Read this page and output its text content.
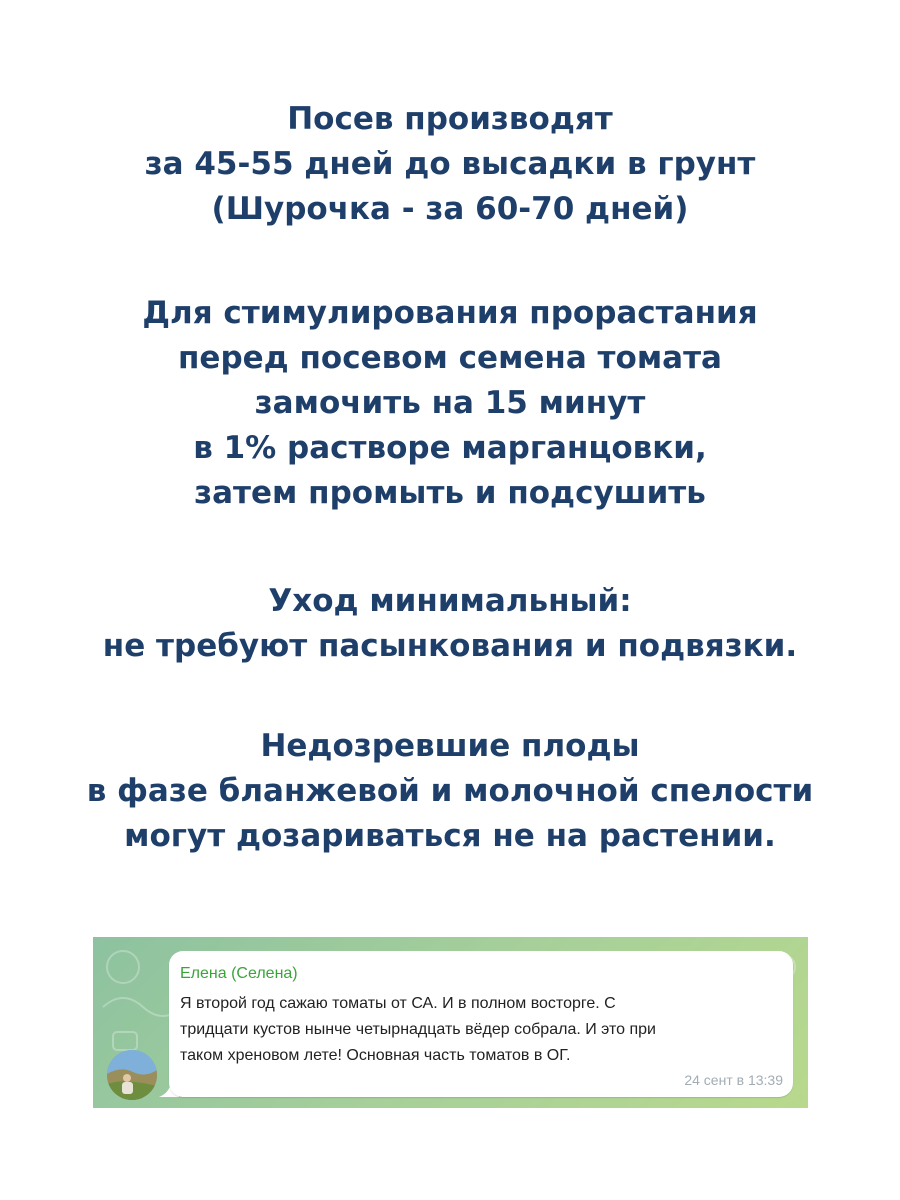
Посев производят
за 45-55 дней до высадки в грунт
(Шурочка - за 60-70 дней)
Для стимулирования прорастания
перед посевом семена томата
замочить на 15 минут
в 1% растворе марганцовки,
затем промыть и подсушить
Уход минимальный:
не требуют пасынкования и подвязки.
Недозревшие плоды
в фазе бланжевой и молочной спелости
могут дозариваться не на растении.
Елена (Селена)
Я второй год сажаю томаты от СА. И в полном восторге. С
тридцати кустов нынче четырнадцать вёдер собрала. И это при
таком хреновом лете! Основная часть томатов в ОГ.
24 сент в 13:39
